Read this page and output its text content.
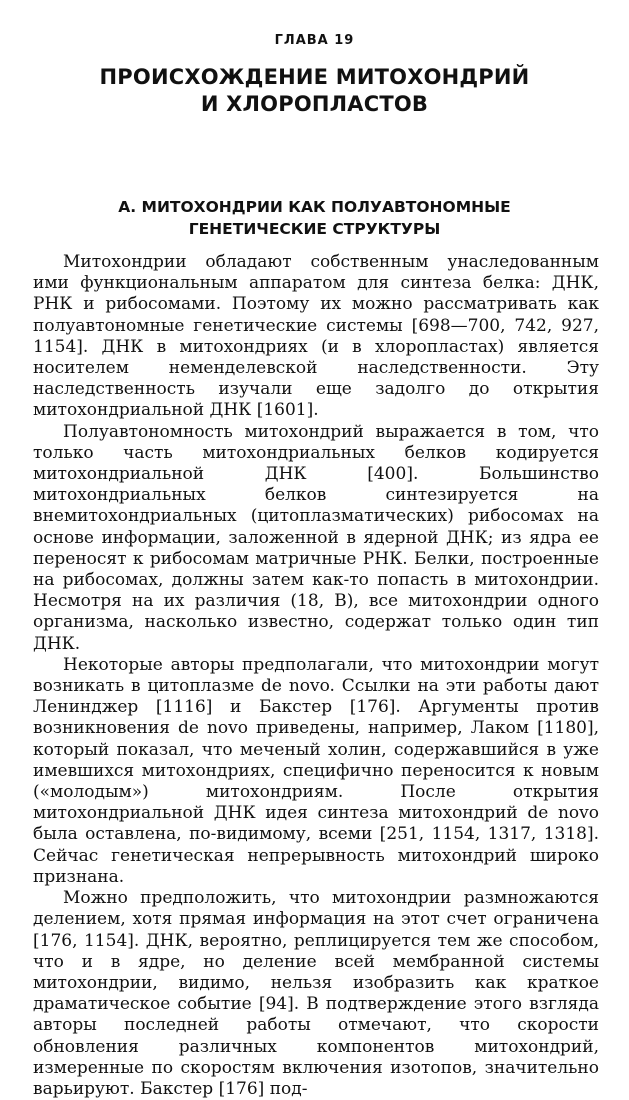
ГЛАВА 19
ПРОИСХОЖДЕНИЕ МИТОХОНДРИЙ
И ХЛОРОПЛАСТОВ
А. МИТОХОНДРИИ КАК ПОЛУАВТОНОМНЫЕ
ГЕНЕТИЧЕСКИЕ СТРУКТУРЫ

Митохондрии обладают собственным унаследованным ими функциональным аппаратом для синтеза белка: ДНК, РНК и рибосомами. Поэтому их можно рассматривать как полуавтономные генетические системы [698—700, 742, 927, 1154]. ДНК в митохондриях (и в хлоропластах) является носителем неменделевской наследственности. Эту наследственность изучали еще задолго до открытия митохондриальной ДНК [1601].

Полуавтономность митохондрий выражается в том, что только часть митохондриальных белков кодируется митохондриальной ДНК [400]. Большинство митохондриальных белков синтезируется на внемитохондриальных (цитоплазматических) рибосомах на основе информации, заложенной в ядерной ДНК; из ядра ее переносят к рибосомам матричные РНК. Белки, построенные на рибосомах, должны затем как-то попасть в митохондрии. Несмотря на их различия (18, В), все митохондрии одного организма, насколько известно, содержат только один тип ДНК.

Некоторые авторы предполагали, что митохондрии могут возникать в цитоплазме de novo. Ссылки на эти работы дают Ленинджер [1116] и Бакстер [176]. Аргументы против возникновения de novo приведены, например, Лаком [1180], который показал, что меченый холин, содержавшийся в уже имевшихся митохондриях, специфично переносится к новым («молодым») митохондриям. После открытия митохондриальной ДНК идея синтеза митохондрий de novo была оставлена, по-видимому, всеми [251, 1154, 1317, 1318]. Сейчас генетическая непрерывность митохондрий широко признана.

Можно предположить, что митохондрии размножаются делением, хотя прямая информация на этот счет ограничена [176, 1154]. ДНК, вероятно, реплицируется тем же способом, что и в ядре, но деление всей мембранной системы митохондрии, видимо, нельзя изобразить как краткое драматическое событие [94]. В подтверждение этого взгляда авторы последней работы отмечают, что скорости обновления различных компонентов митохондрий, измеренные по скоростям включения изотопов, значительно варьируют. Бакстер [176] под-
